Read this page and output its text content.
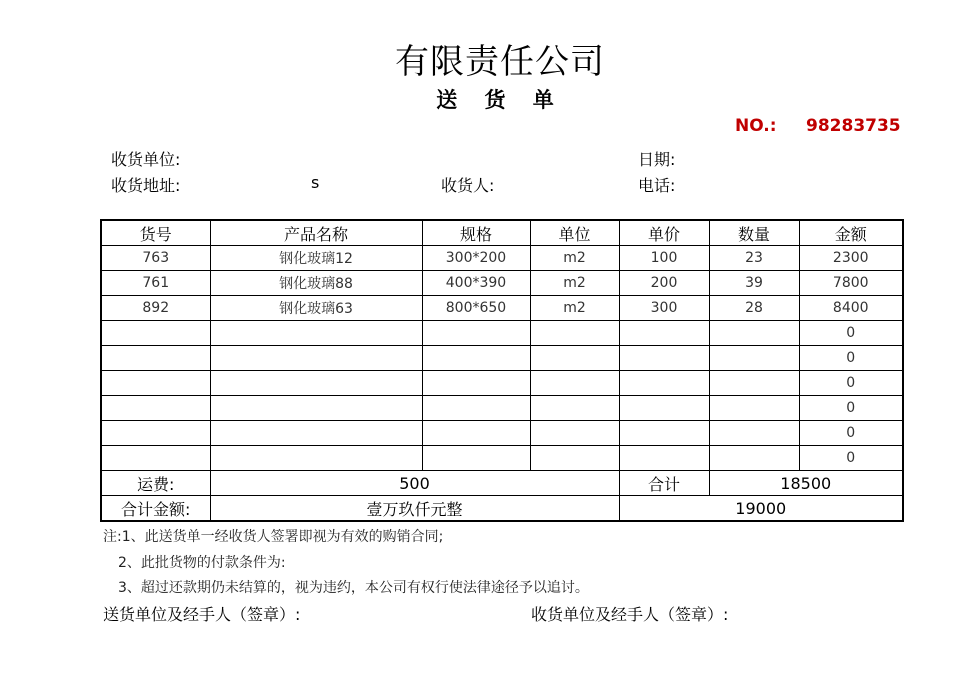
有限责任公司
送 货 单
NO.: 98283735
收货单位:	日期:
收货地址:	s	收货人:	电话:
货号	产品名称	规格	单位	单价	数量	金额
763	钢化玻璃12	300*200	m2	100	23	2300
761	钢化玻璃88	400*390	m2	200	39	7800
892	钢化玻璃63	800*650	m2	300	28	8400
						0
						0
						0
						0
						0
						0
运费:	500			合计	18500	
合计金额:	壹万玖仟元整			19000		
注:1、此送货单一经收货人签署即视为有效的购销合同;
2、此批货物的付款条件为:
3、超过还款期仍未结算的，视为违约，本公司有权行使法律途径予以追讨。
送货单位及经手人（签章）:	收货单位及经手人（签章）:
